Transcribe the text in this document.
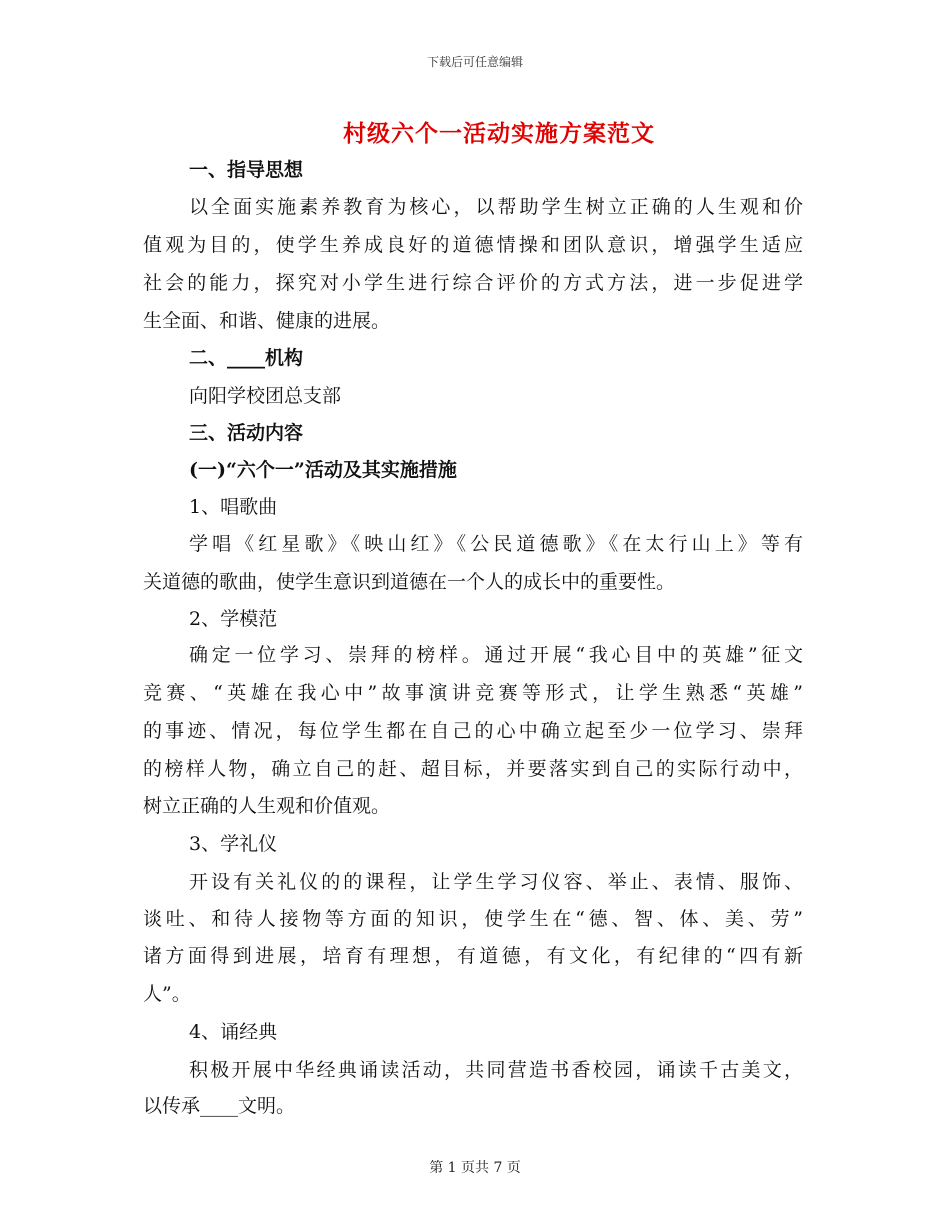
下载后可任意编辑
村级六个一活动实施方案范文
一、指导思想
以全面实施素养教育为核心，以帮助学生树立正确的人生观和价
值观为目的，使学生养成良好的道德情操和团队意识，增强学生适应
社会的能力，探究对小学生进行综合评价的方式方法，进一步促进学
生全面、和谐、健康的进展。
二、____机构
向阳学校团总支部
三、活动内容
(一)“六个一”活动及其实施措施
1、唱歌曲
学唱《红星歌》《映山红》《公民道德歌》《在太行山上》等有
关道德的歌曲，使学生意识到道德在一个人的成长中的重要性。
2、学模范
确定一位学习、崇拜的榜样。通过开展“我心目中的英雄”征文
竞赛、“英雄在我心中”故事演讲竞赛等形式，让学生熟悉“英雄”
的事迹、情况，每位学生都在自己的心中确立起至少一位学习、崇拜
的榜样人物，确立自己的赶、超目标，并要落实到自己的实际行动中，
树立正确的人生观和价值观。
3、学礼仪
开设有关礼仪的的课程，让学生学习仪容、举止、表情、服饰、
谈吐、和待人接物等方面的知识，使学生在“德、智、体、美、劳”
诸方面得到进展，培育有理想，有道德，有文化，有纪律的“四有新
人”。
4、诵经典
积极开展中华经典诵读活动，共同营造书香校园，诵读千古美文，
以传承____文明。
第 1 页共 7 页
